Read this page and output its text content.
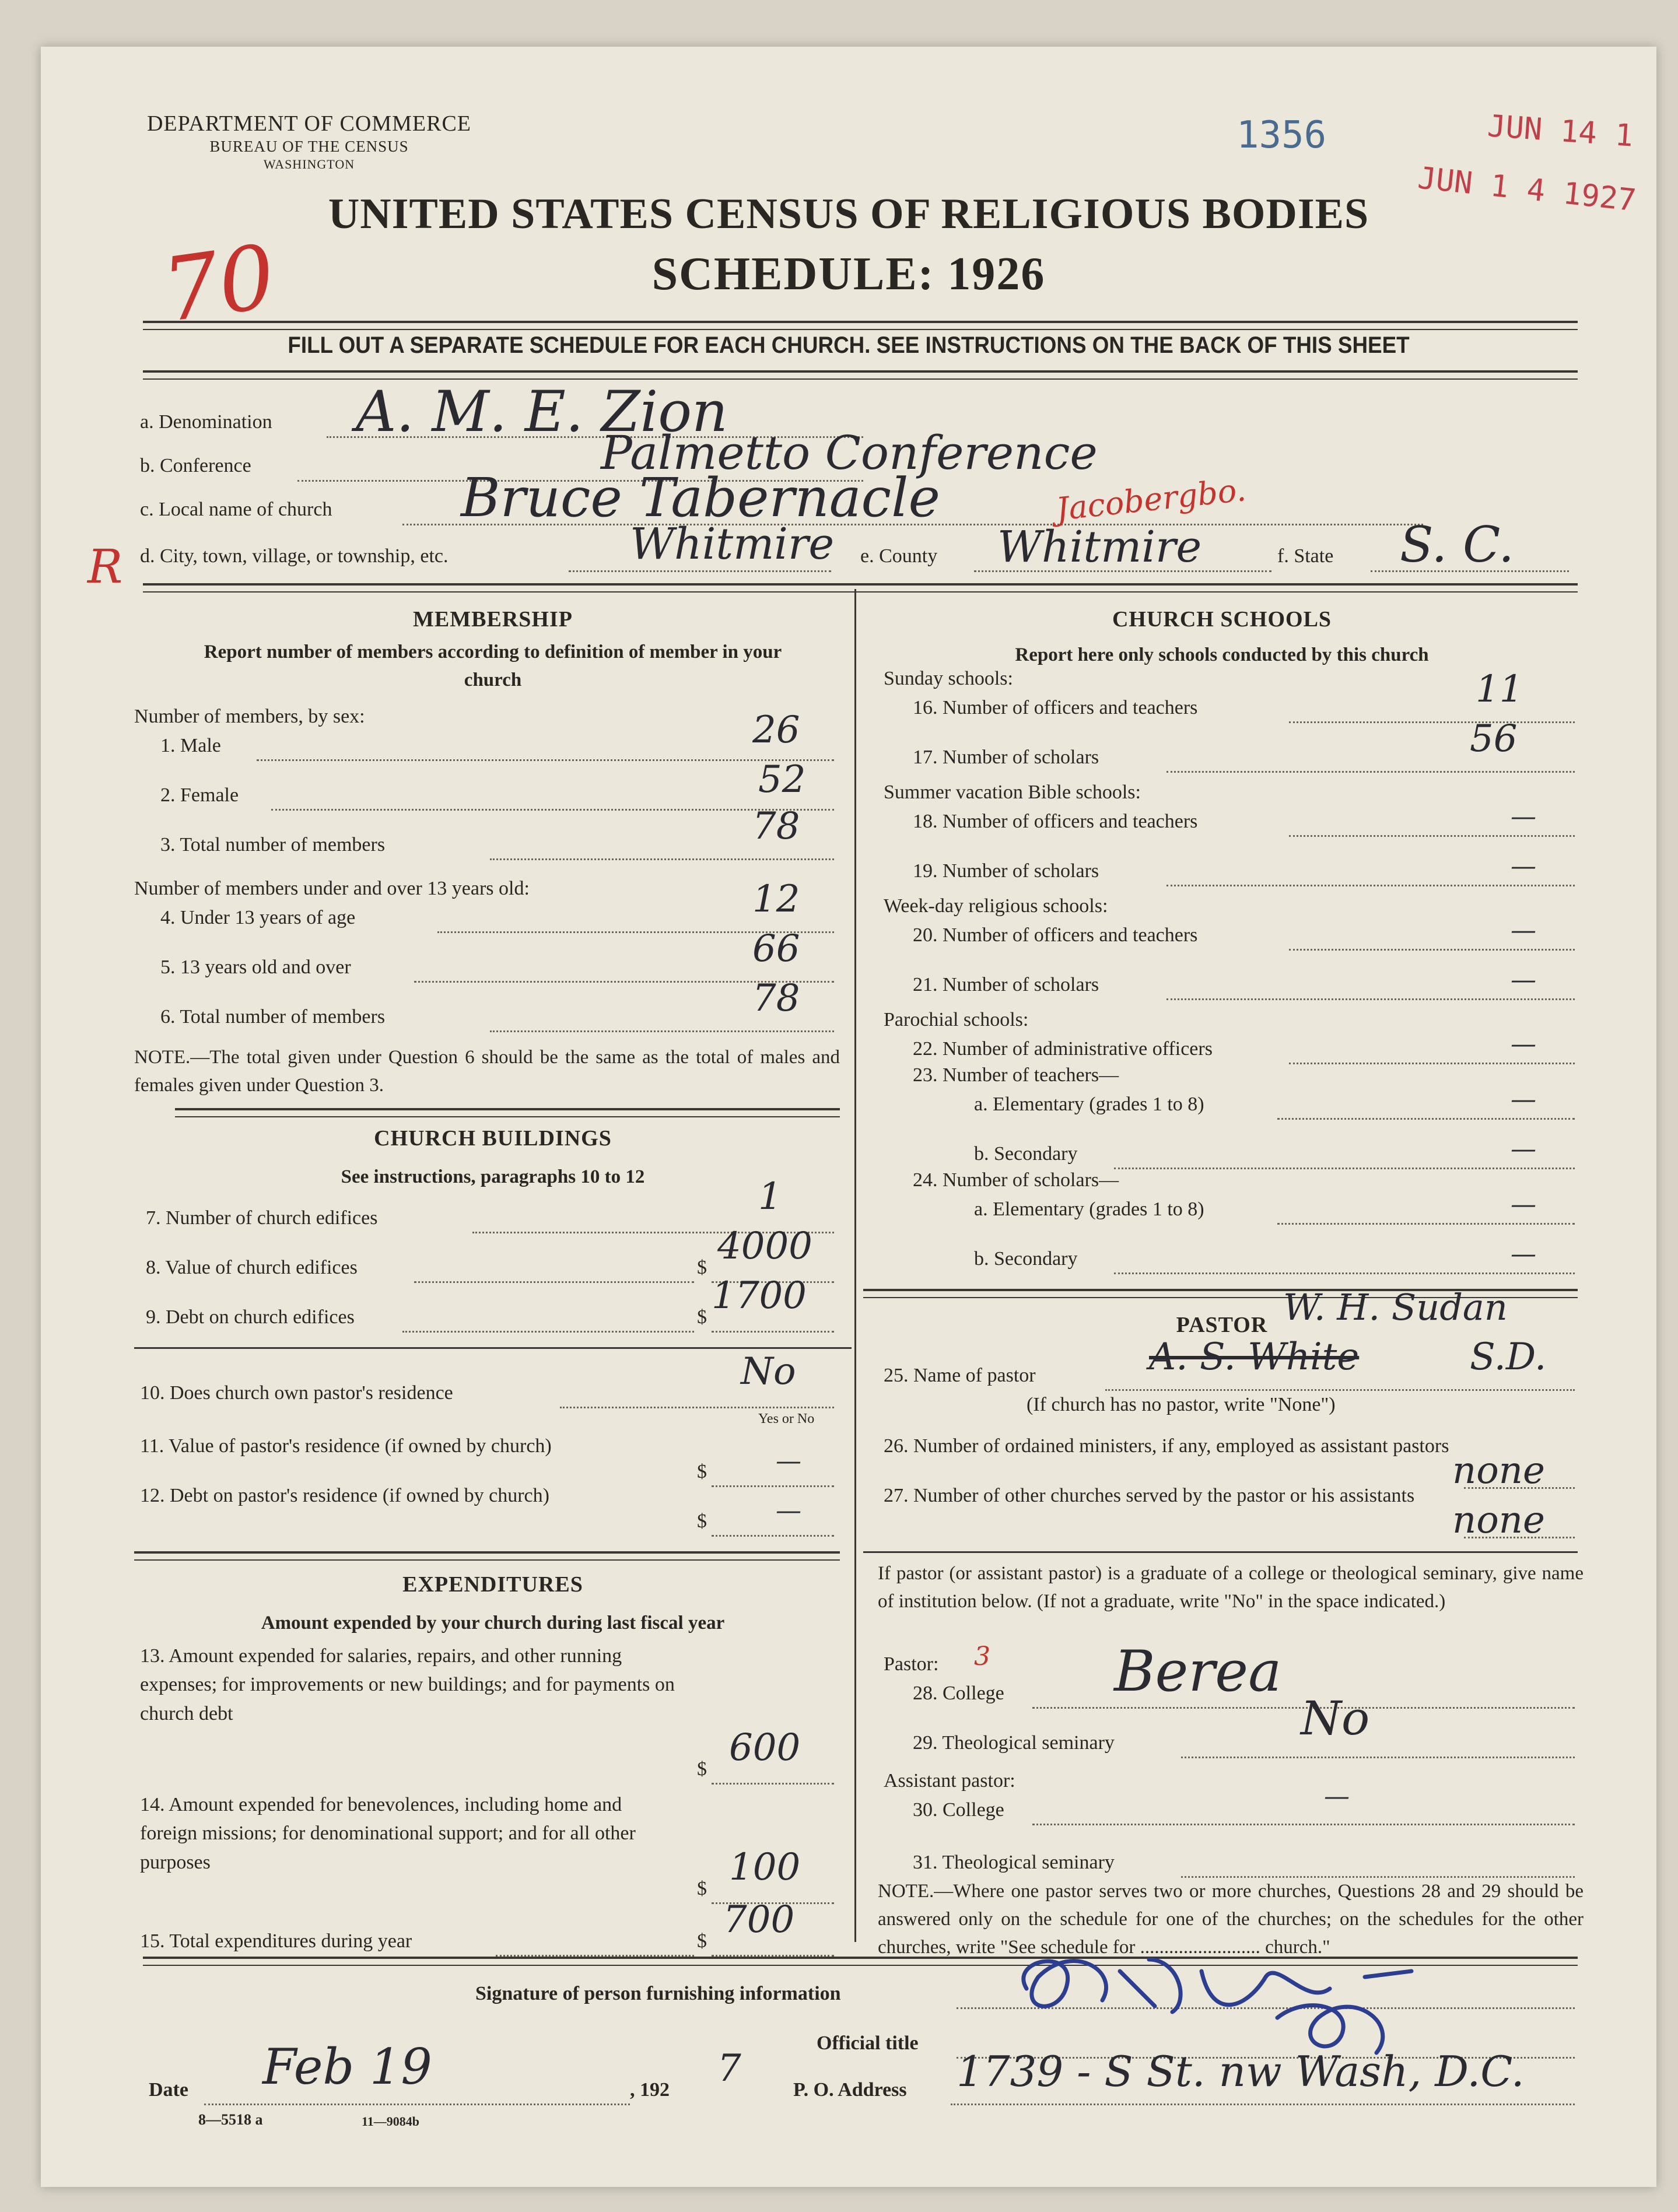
DEPARTMENT OF COMMERCE
BUREAU OF THE CENSUS
WASHINGTON
1356	JUN 14 1
JUN 1 4 1927
70
UNITED STATES CENSUS OF RELIGIOUS BODIES
SCHEDULE: 1926
FILL OUT A SEPARATE SCHEDULE FOR EACH CHURCH. SEE INSTRUCTIONS ON THE BACK OF THIS SHEET
a. Denomination A. M. E. Zion
b. Conference	Palmetto Conference
c. Local name of church Bruce Tabernacle	Jacobergbo.
R d. City, town, village, or township, etc.	Whitmire e. County Whitmire	f. State S. C.
MEMBERSHIP
Report number of members according to definition of member in your church
Number of members, by sex:
1. Male	26
2. Female	52
3. Total number of members	78
Number of members under and over 13 years old:
4. Under 13 years of age	12
5. 13 years old and over	66
6. Total number of members	78
NOTE.—The total given under Question 6 should be the same as the total of males and females given under Question 3.
CHURCH BUILDINGS
See instructions, paragraphs 10 to 12
7. Number of church edifices	1
8. Value of church edifices	$ 4000
9. Debt on church edifices	$ 1700
10. Does church own pastor's residence	No
Yes or No
11. Value of pastor's residence (if owned by church)
$	—
12. Debt on pastor's residence (if owned by church)
$	—
EXPENDITURES
Amount expended by your church during last fiscal year
13. Amount expended for salaries, repairs, and other running expenses; for improvements or new buildings; and for payments on church debt
$ 600
14. Amount expended for benevolences, including home and foreign missions; for denominational support; and for all other purposes
$ 100
15. Total expenditures during year	$ 700
CHURCH SCHOOLS
Report here only schools conducted by this church
Sunday schools:
16. Number of officers and teachers	11
17. Number of scholars	56
Summer vacation Bible schools:
18. Number of officers and teachers	—
19. Number of scholars	—
Week-day religious schools:
20. Number of officers and teachers	—
21. Number of scholars	—
Parochial schools:
22. Number of administrative officers	—
23. Number of teachers—
a. Elementary (grades 1 to 8)	—
b. Secondary	—
24. Number of scholars—
a. Elementary (grades 1 to 8)	—
b. Secondary	—
PASTOR W. H. Sudan
25. Name of pastor	A. S. White	S.D.
(If church has no pastor, write "None")
26. Number of ordained ministers, if any, employed as assistant pastors
none
27. Number of other churches served by the pastor or his assistants
none
If pastor (or assistant pastor) is a graduate of a college or theological seminary, give name of institution below. (If not a graduate, write "No" in the space indicated.)
Pastor: 3
28. College Berea
29. Theological seminary	No
Assistant pastor:
30. College	—
31. Theological seminary
NOTE.—Where one pastor serves two or more churches, Questions 28 and 29 should be answered only on the schedule for one of the churches; on the schedules for the other churches, write "See schedule for ......................... church."
Signature of person furnishing information
Official title
Date Feb 19	, 192 7	P. O. Address 1739 - S St. nw Wash, D.C.
8—5518 a	11—9084b
